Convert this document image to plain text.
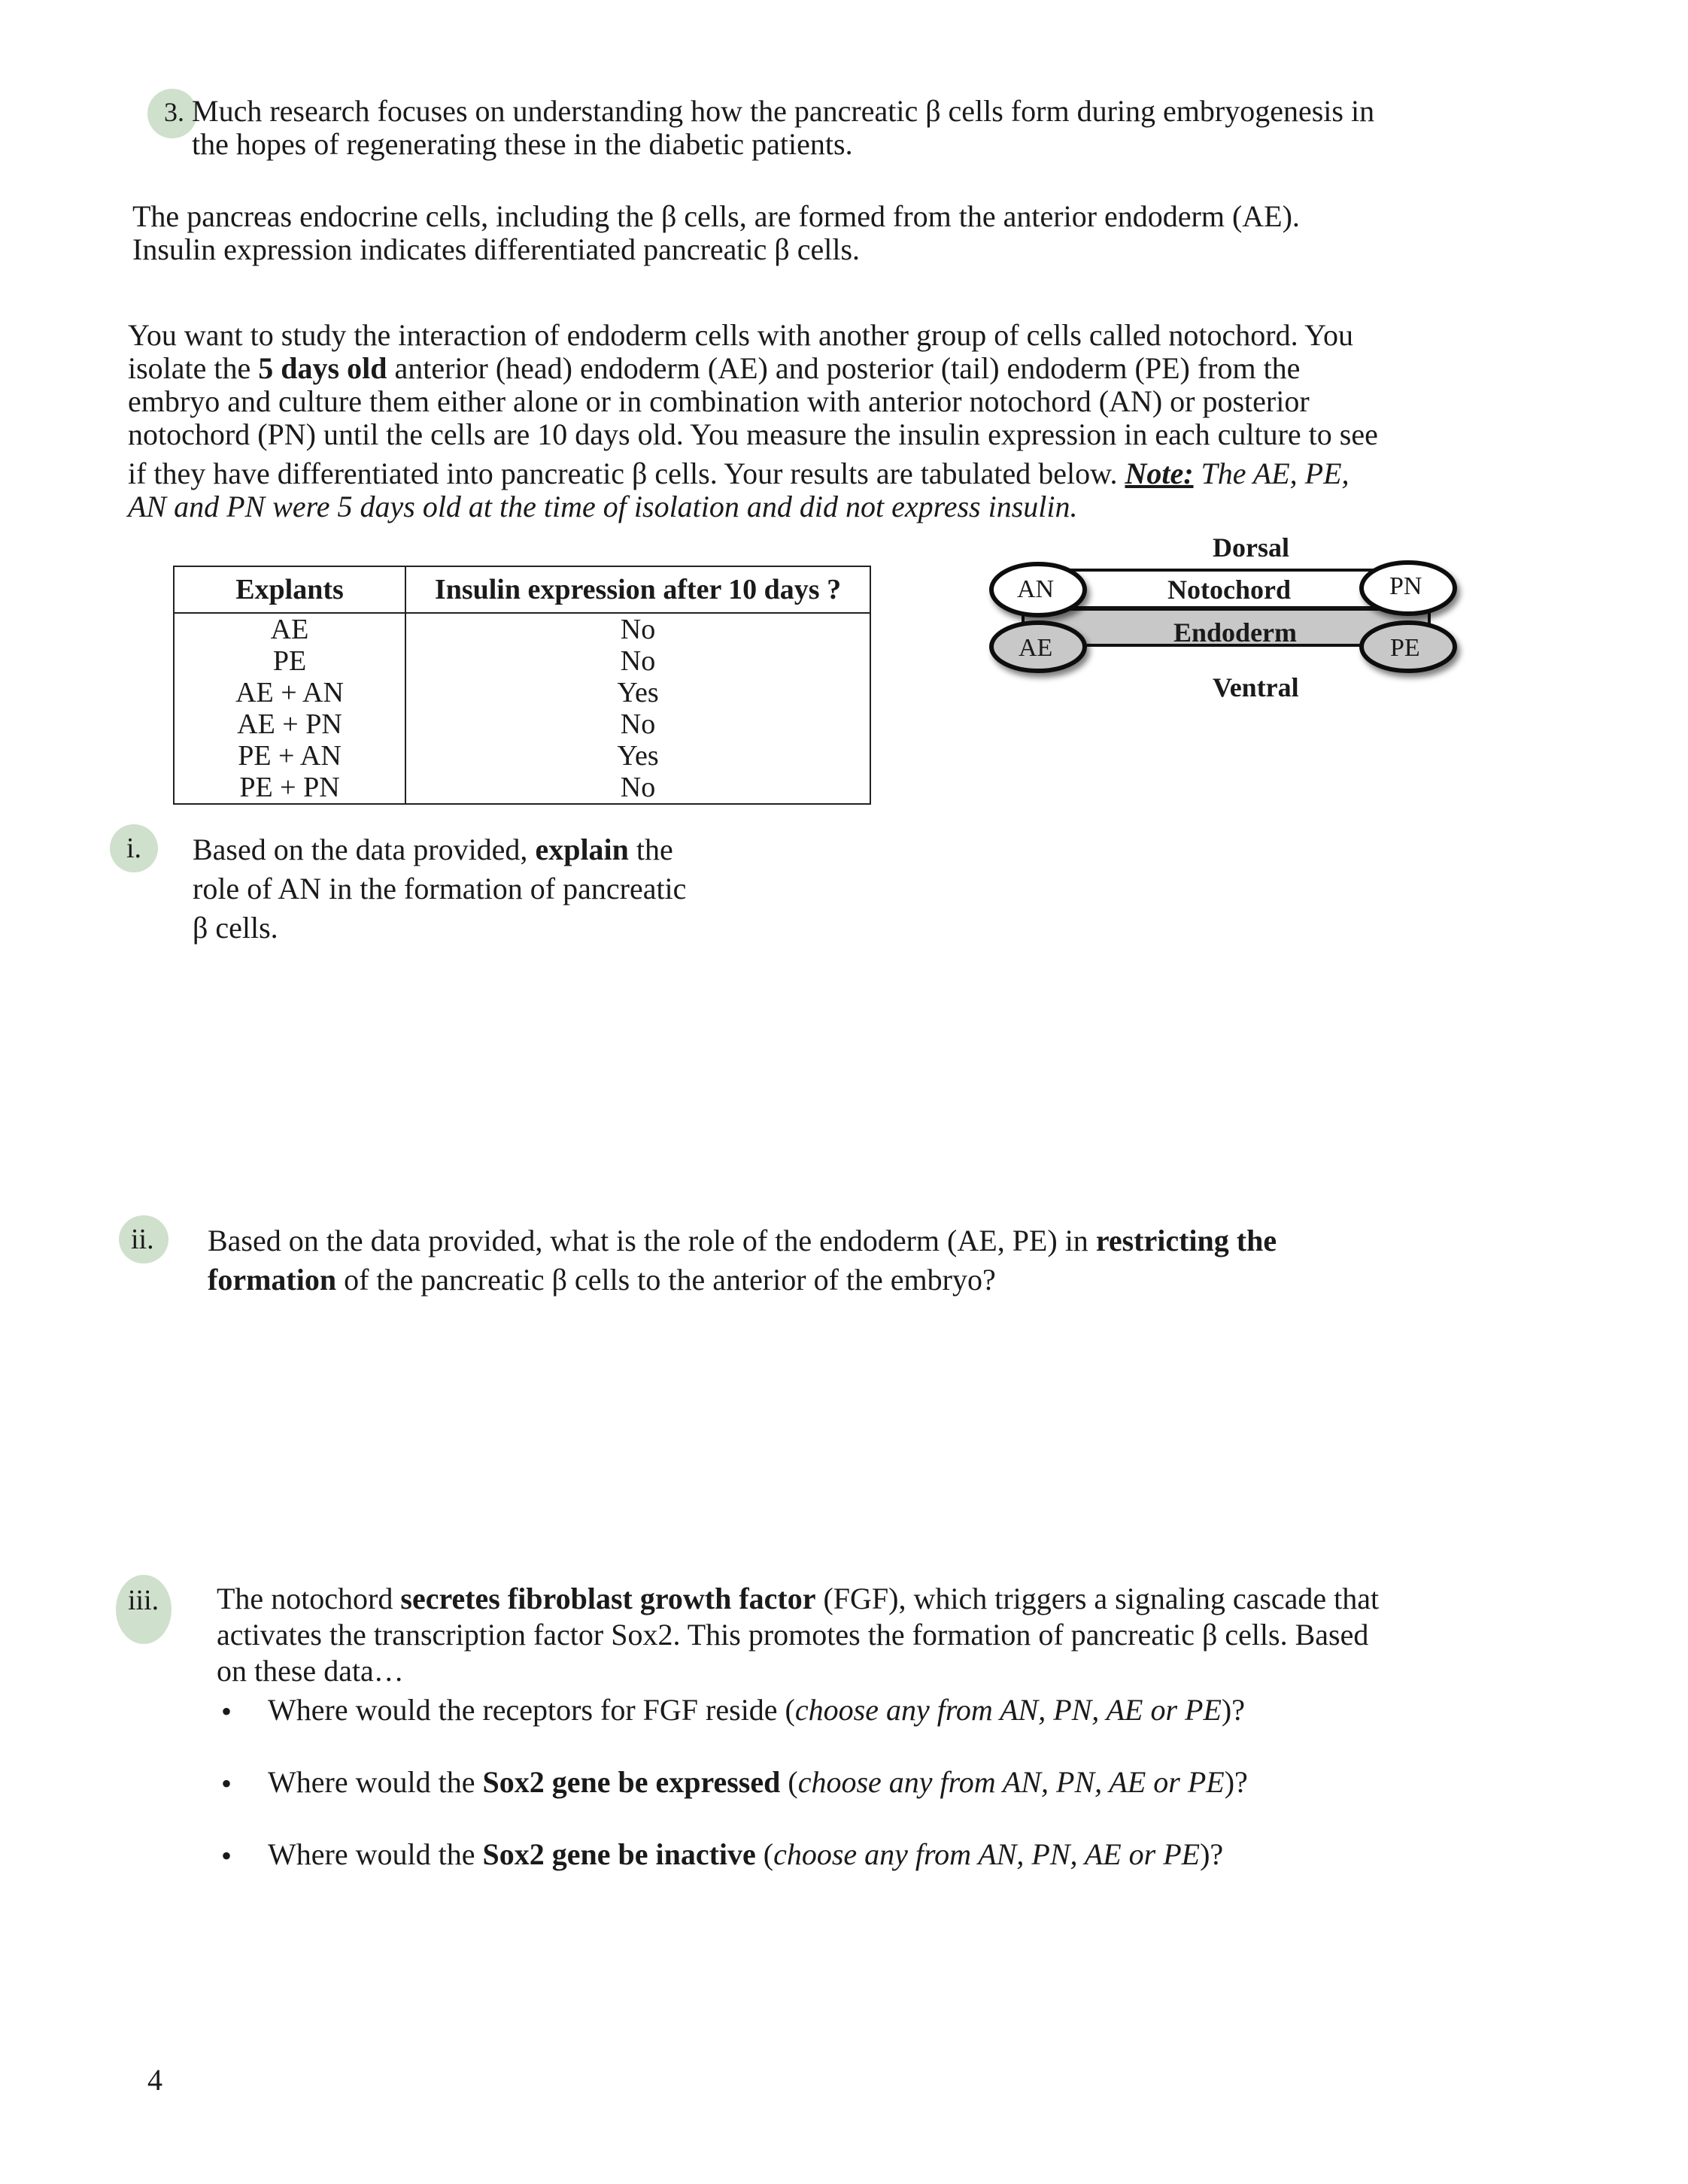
3. Much research focuses on understanding how the pancreatic β cells form during embryogenesis in

the hopes of regenerating these in the diabetic patients.

The pancreas endocrine cells, including the β cells, are formed from the anterior endoderm (AE).

Insulin expression indicates differentiated pancreatic β cells.

You want to study the interaction of endoderm cells with another group of cells called notochord. You

isolate the 5 days old anterior (head) endoderm (AE) and posterior (tail) endoderm (PE) from the

embryo and culture them either alone or in combination with anterior notochord (AN) or posterior

notochord (PN) until the cells are 10 days old. You measure the insulin expression in each culture to see

if they have differentiated into pancreatic β cells. Your results are tabulated below. Note: The AE, PE,

AN and PN were 5 days old at the time of isolation and did not express insulin.

Explants	Insulin expression after 10 days ?
AE	No
PE	No
AE + AN	Yes
AE + PN	No
PE + AN	Yes
PE + PN	No
Dorsal
Notochord
Endoderm
AN
AE
PN
PE
Ventral
i. Based on the data provided, explain the

role of AN in the formation of pancreatic

β cells.

ii. Based on the data provided, what is the role of the endoderm (AE, PE) in restricting the

formation of the pancreatic β cells to the anterior of the embryo?

iii. The notochord secretes fibroblast growth factor (FGF), which triggers a signaling cascade that

activates the transcription factor Sox2. This promotes the formation of pancreatic β cells. Based

on these data…

• Where would the receptors for FGF reside (choose any from AN, PN, AE or PE)?

• Where would the Sox2 gene be expressed (choose any from AN, PN, AE or PE)?

• Where would the Sox2 gene be inactive (choose any from AN, PN, AE or PE)?

4
